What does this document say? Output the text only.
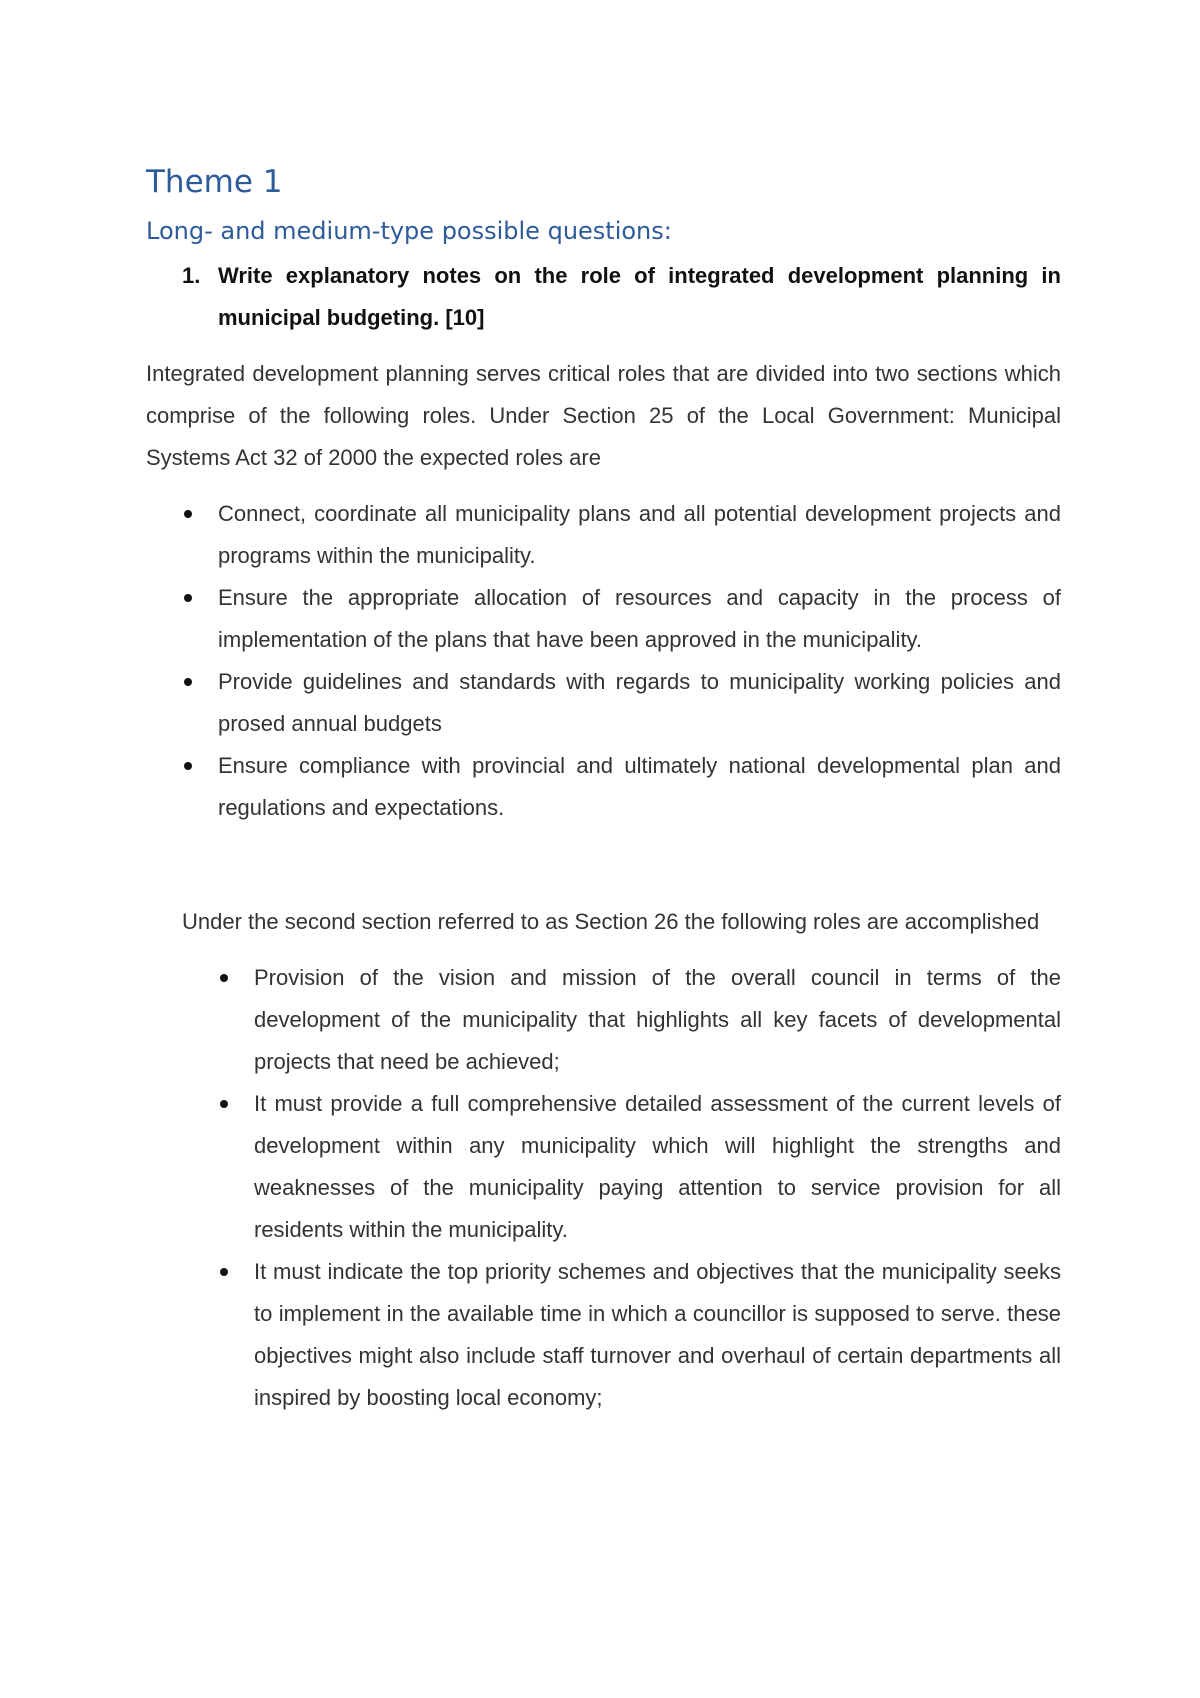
Theme 1
Long- and medium-type possible questions:
1. Write explanatory notes on the role of integrated development planning in municipal budgeting. [10]

Integrated development planning serves critical roles that are divided into two sections which comprise of the following roles. Under Section 25 of the Local Government: Municipal Systems Act 32 of 2000 the expected roles are

Connect, coordinate all municipality plans and all potential development projects and programs within the municipality.
Ensure the appropriate allocation of resources and capacity in the process of implementation of the plans that have been approved in the municipality.
Provide guidelines and standards with regards to municipality working policies and prosed annual budgets
Ensure compliance with provincial and ultimately national developmental plan and regulations and expectations.

Under the second section referred to as Section 26 the following roles are accomplished

Provision of the vision and mission of the overall council in terms of the development of the municipality that highlights all key facets of developmental projects that need be achieved;
It must provide a full comprehensive detailed assessment of the current levels of development within any municipality which will highlight the strengths and weaknesses of the municipality paying attention to service provision for all residents within the municipality.
It must indicate the top priority schemes and objectives that the municipality seeks to implement in the available time in which a councillor is supposed to serve. these objectives might also include staff turnover and overhaul of certain departments all inspired by boosting local economy;
